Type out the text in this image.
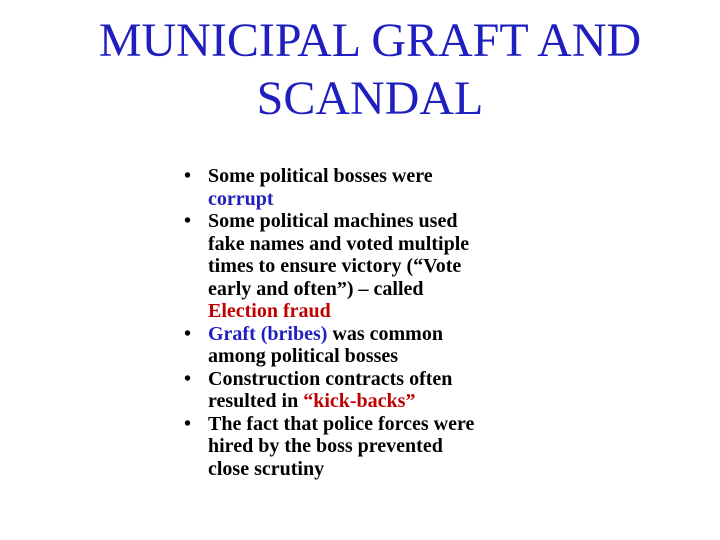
MUNICIPAL GRAFT AND
SCANDAL
• Some political bosses were
corrupt
• Some political machines used
fake names and voted multiple
times to ensure victory (“Vote
early and often”) – called
Election fraud
• Graft (bribes) was common
among political bosses
• Construction contracts often
resulted in “kick-backs”
• The fact that police forces were
hired by the boss prevented
close scrutiny
